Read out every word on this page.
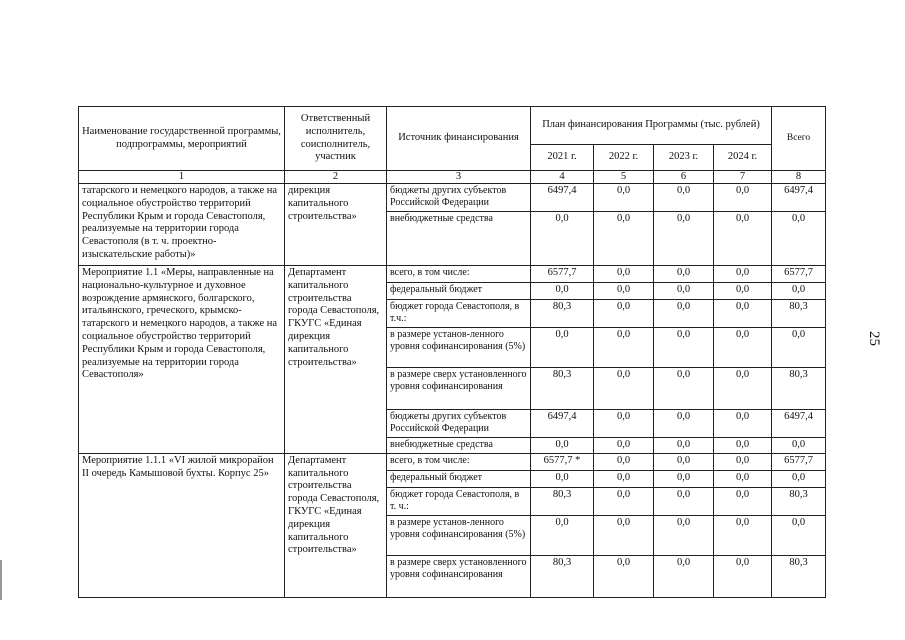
Наименование государственной программы, подпрограммы, мероприятий	Ответственный исполнитель, соисполнитель, участник	Источник финансирования	План финансирования Программы (тыс. рублей)				Всего
			2021 г.	2022 г.	2023 г.	2024 г.	
1	2	3	4	5	6	7	8
татарского и немецкого народов, а также на социальное обустройство территорий Республики Крым и города Севастополя, реализуемые на территории города Севастополя (в т. ч. проектно-изыскательские работы)»	дирекция капитального строительства»	бюджеты других субъектов Российской Федерации	6497,4	0,0	0,0	0,0	6497,4
		внебюджетные средства	0,0	0,0	0,0	0,0	0,0
Мероприятие 1.1 «Меры, направленные на национально-культурное и духовное возрождение армянского, болгарского, итальянского, греческого, крымско-татарского и немецкого народов, а также на социальное обустройство территорий Республики Крым и города Севастополя, реализуемые на территории города Севастополя»	Департамент капитального строительства города Севастополя, ГКУГС «Единая дирекция капитального строительства»	всего, в том числе:	6577,7	0,0	0,0	0,0	6577,7
		федеральный бюджет	0,0	0,0	0,0	0,0	0,0
		бюджет города Севастополя, в т.ч.:	80,3	0,0	0,0	0,0	80,3
		в размере установ-ленного уровня софинансирования (5%)	0,0	0,0	0,0	0,0	0,0
		в размере сверх установленного уровня софинансирования	80,3	0,0	0,0	0,0	80,3
		бюджеты других субъектов Российской Федерации	6497,4	0,0	0,0	0,0	6497,4
		внебюджетные средства	0,0	0,0	0,0	0,0	0,0
Мероприятие 1.1.1 «VI жилой микрорайон II очередь Камышовой бухты. Корпус 25»	Департамент капитального строительства города Севастополя, ГКУГС «Единая дирекция капитального строительства»	всего, в том числе:	6577,7 *	0,0	0,0	0,0	6577,7
		федеральный бюджет	0,0	0,0	0,0	0,0	0,0
		бюджет города Севастополя, в т. ч.:	80,3	0,0	0,0	0,0	80,3
		в размере установ-ленного уровня софинансирования (5%)	0,0	0,0	0,0	0,0	0,0
		в размере сверх установленного уровня софинансирования	80,3	0,0	0,0	0,0	80,3
25
